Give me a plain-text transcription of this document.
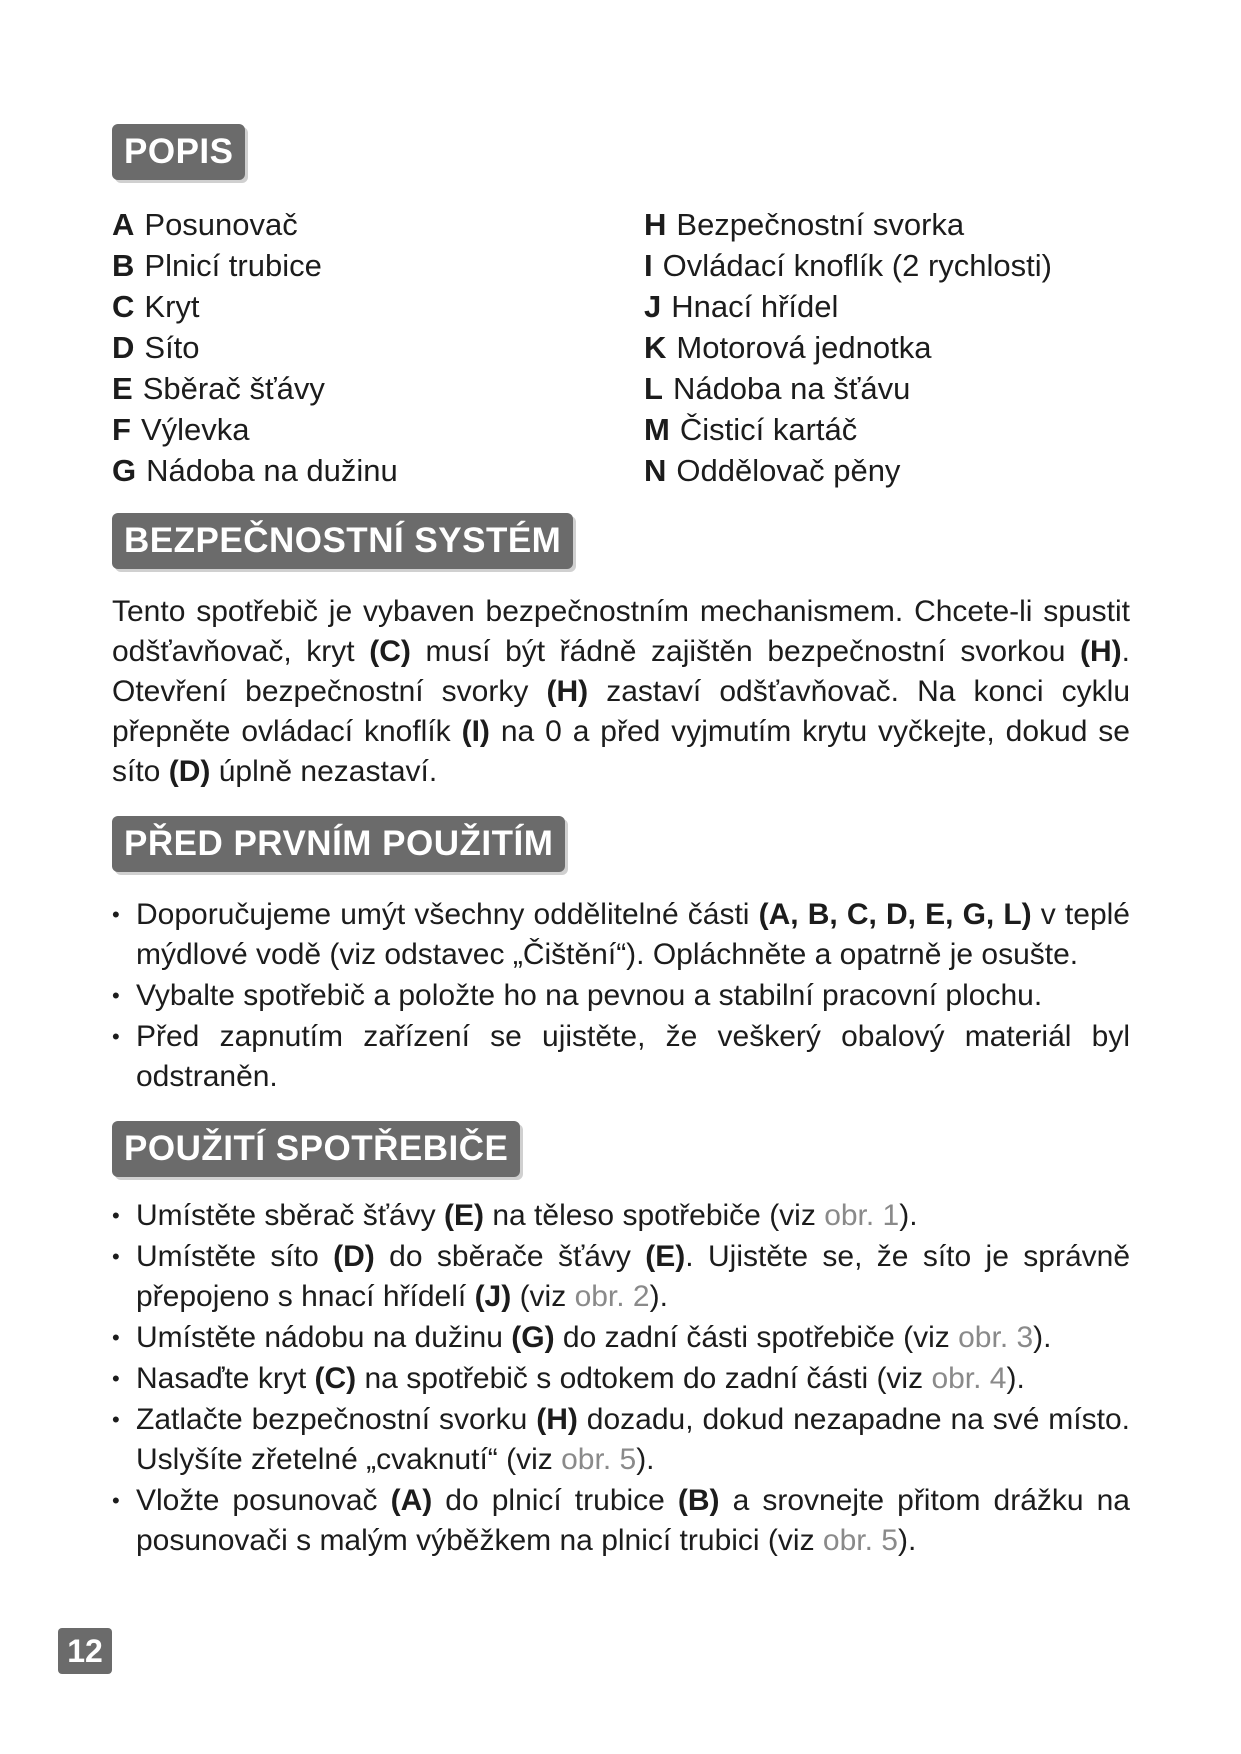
POPIS
A Posunovač
B Plnicí trubice
C Kryt
D Síto
E Sběrač šťávy
F Výlevka
G Nádoba na dužinu
H Bezpečnostní svorka
I Ovládací knoflík (2 rychlosti)
J Hnací hřídel
K Motorová jednotka
L Nádoba na šťávu
M Čisticí kartáč
N Oddělovač pěny
BEZPEČNOSTNÍ SYSTÉM

Tento spotřebič je vybaven bezpečnostním mechanismem. Chcete-li spustit odšťavňovač, kryt (C) musí být řádně zajištěn bezpečnostní svorkou (H). Otevření bezpečnostní svorky (H) zastaví odšťavňovač. Na konci cyklu přepněte ovládací knoflík (I) na 0 a před vyjmutím krytu vyčkejte, dokud se síto (D) úplně nezastaví.

PŘED PRVNÍM POUŽITÍM
• Doporučujeme umýt všechny oddělitelné části (A, B, C, D, E, G, L) v teplé mýdlové vodě (viz odstavec „Čištění“). Opláchněte a opatrně je osušte.
• Vybalte spotřebič a položte ho na pevnou a stabilní pracovní plochu.
• Před zapnutím zařízení se ujistěte, že veškerý obalový materiál byl odstraněn.
POUŽITÍ SPOTŘEBIČE
• Umístěte sběrač šťávy (E) na těleso spotřebiče (viz obr. 1).
• Umístěte síto (D) do sběrače šťávy (E). Ujistěte se, že síto je správně přepojeno s hnací hřídelí (J) (viz obr. 2).
• Umístěte nádobu na dužinu (G) do zadní části spotřebiče (viz obr. 3).
• Nasaďte kryt (C) na spotřebič s odtokem do zadní části (viz obr. 4).
• Zatlačte bezpečnostní svorku (H) dozadu, dokud nezapadne na své místo. Uslyšíte zřetelné „cvaknutí“ (viz obr. 5).
• Vložte posunovač (A) do plnicí trubice (B) a srovnejte přitom drážku na posunovači s malým výběžkem na plnicí trubici (viz obr. 5).
12
